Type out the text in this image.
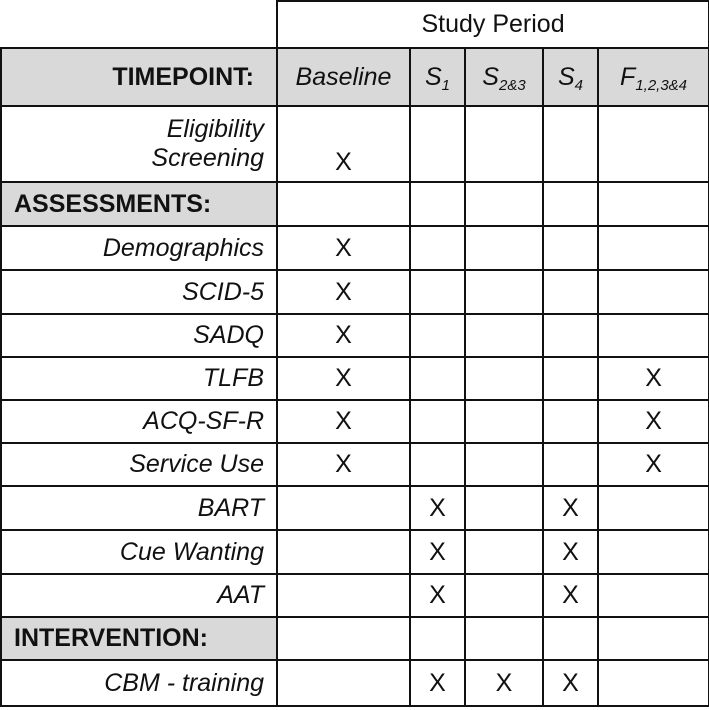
	Study Period				
TIMEPOINT:	Baseline	$S_1$	$S_{2\&3}$	$S_4$	$F_{1,2,3\&4}$
Eligibility
Screening	X				
ASSESSMENTS:					
Demographics	X				
SCID-5	X				
SADQ	X				
TLFB	X				X
ACQ-SF-R	X				X
Service Use	X				X
BART		X		X	
Cue Wanting		X		X	
AAT		X		X	
INTERVENTION:					
CBM - training		X	X	X	
